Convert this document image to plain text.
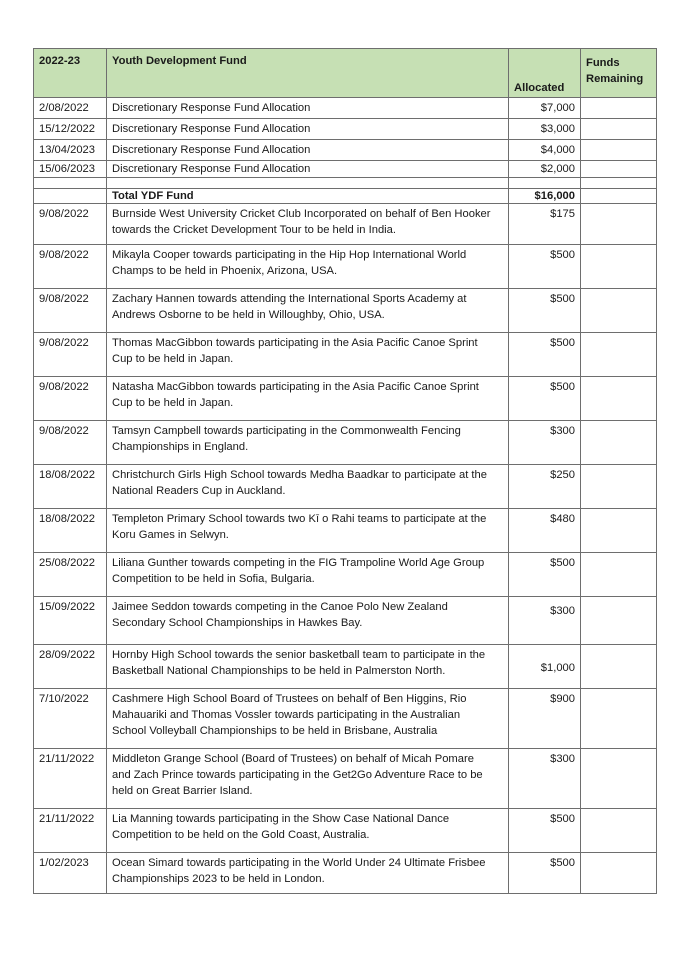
2022-23	Youth Development Fund	Allocated	Funds
Remaining
2/08/2022	Discretionary Response Fund Allocation	$7,000	
15/12/2022	Discretionary Response Fund Allocation	$3,000	
13/04/2023	Discretionary Response Fund Allocation	$4,000	
15/06/2023	Discretionary Response Fund Allocation	$2,000	

	Total YDF Fund	$16,000	
9/08/2022	Burnside West University Cricket Club Incorporated on behalf of Ben Hooker
towards the Cricket Development Tour to be held in India.	$175	
9/08/2022	Mikayla Cooper towards participating in the Hip Hop International World
Champs to be held in Phoenix, Arizona, USA.	$500	
9/08/2022	Zachary Hannen towards attending the International Sports Academy at
Andrews Osborne to be held in Willoughby, Ohio, USA.	$500	
9/08/2022	Thomas MacGibbon towards participating in the Asia Pacific Canoe Sprint
Cup to be held in Japan.	$500	
9/08/2022	Natasha MacGibbon towards participating in the Asia Pacific Canoe Sprint
Cup to be held in Japan.	$500	
9/08/2022	Tamsyn Campbell towards participating in the Commonwealth Fencing
Championships in England.	$300	
18/08/2022	Christchurch Girls High School towards Medha Baadkar to participate at the
National Readers Cup in Auckland.	$250	
18/08/2022	Templeton Primary School towards two Kī o Rahi teams to participate at the
Koru Games in Selwyn.	$480	
25/08/2022	Liliana Gunther towards competing in the FIG Trampoline World Age Group
Competition to be held in Sofia, Bulgaria.	$500	
15/09/2022	Jaimee Seddon towards competing in the Canoe Polo New Zealand
Secondary School Championships in Hawkes Bay.	$300	
28/09/2022	Hornby High School towards the senior basketball team to participate in the
Basketball National Championships to be held in Palmerston North.	$1,000	
7/10/2022	Cashmere High School Board of Trustees on behalf of Ben Higgins, Rio
Mahauariki and Thomas Vossler towards participating in the Australian
School Volleyball Championships to be held in Brisbane, Australia	$900	
21/11/2022	Middleton Grange School (Board of Trustees) on behalf of Micah Pomare
and Zach Prince towards participating in the Get2Go Adventure Race to be
held on Great Barrier Island.	$300	
21/11/2022	Lia Manning towards participating in the Show Case National Dance
Competition to be held on the Gold Coast, Australia.	$500	
1/02/2023	Ocean Simard towards participating in the World Under 24 Ultimate Frisbee
Championships 2023 to be held in London.	$500	
